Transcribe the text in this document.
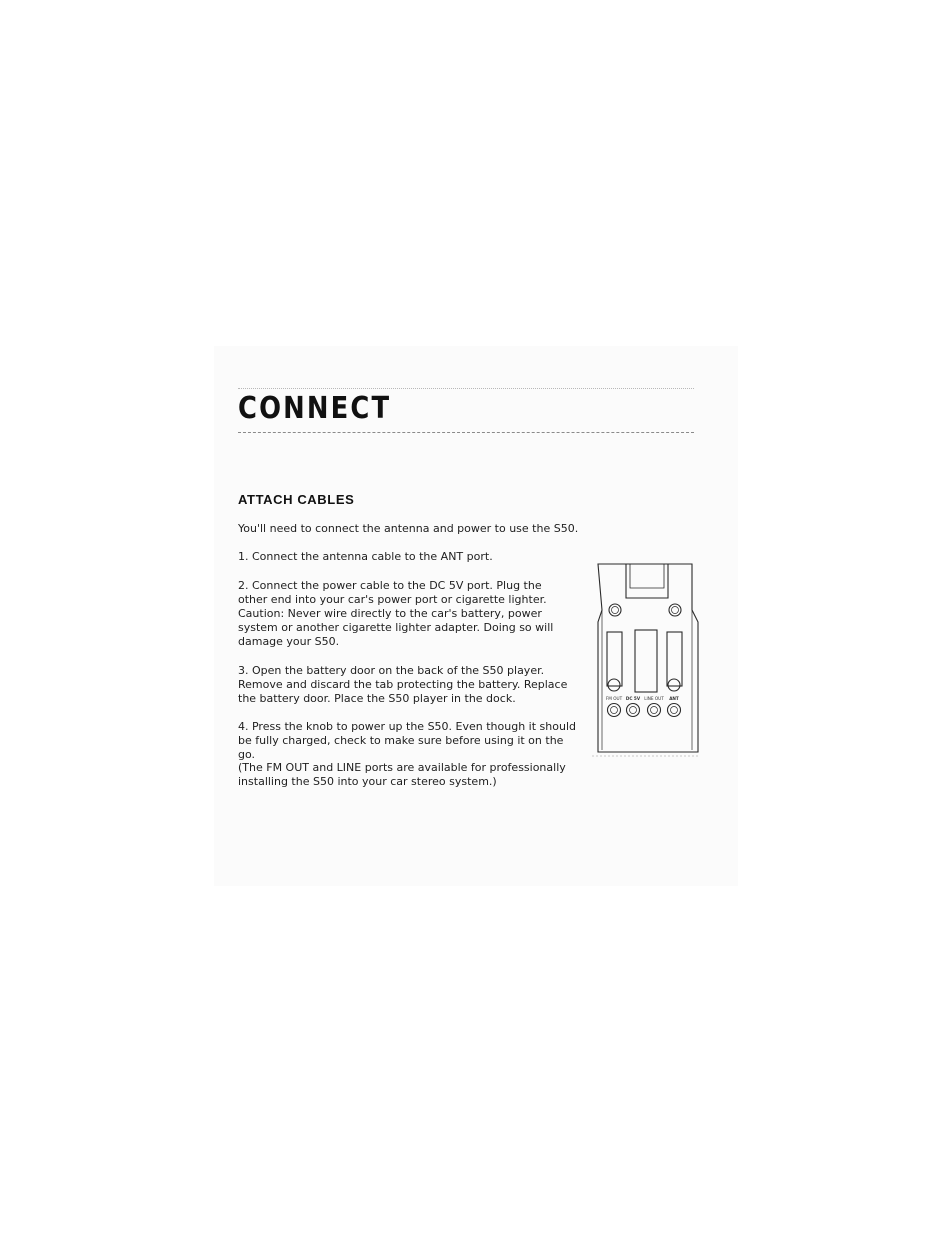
CONNECT
ATTACH CABLES

You'll need to connect the antenna and power to use the S50.

1. Connect the antenna cable to the ANT port.

2. Connect the power cable to the DC 5V port. Plug the other end into your car's power port or cigarette lighter. Caution: Never wire directly to the car's battery, power system or another cigarette lighter adapter. Doing so will damage your S50.

3. Open the battery door on the back of the S50 player. Remove and discard the tab protecting the battery. Replace the battery door. Place the S50 player in the dock.

4. Press the knob to power up the S50. Even though it should be fully charged, check to make sure before using it on the go.

(The FM OUT and LINE ports are available for professionally installing the S50 into your car stereo system.)

FM OUT DC 5V LINE OUT ANT
